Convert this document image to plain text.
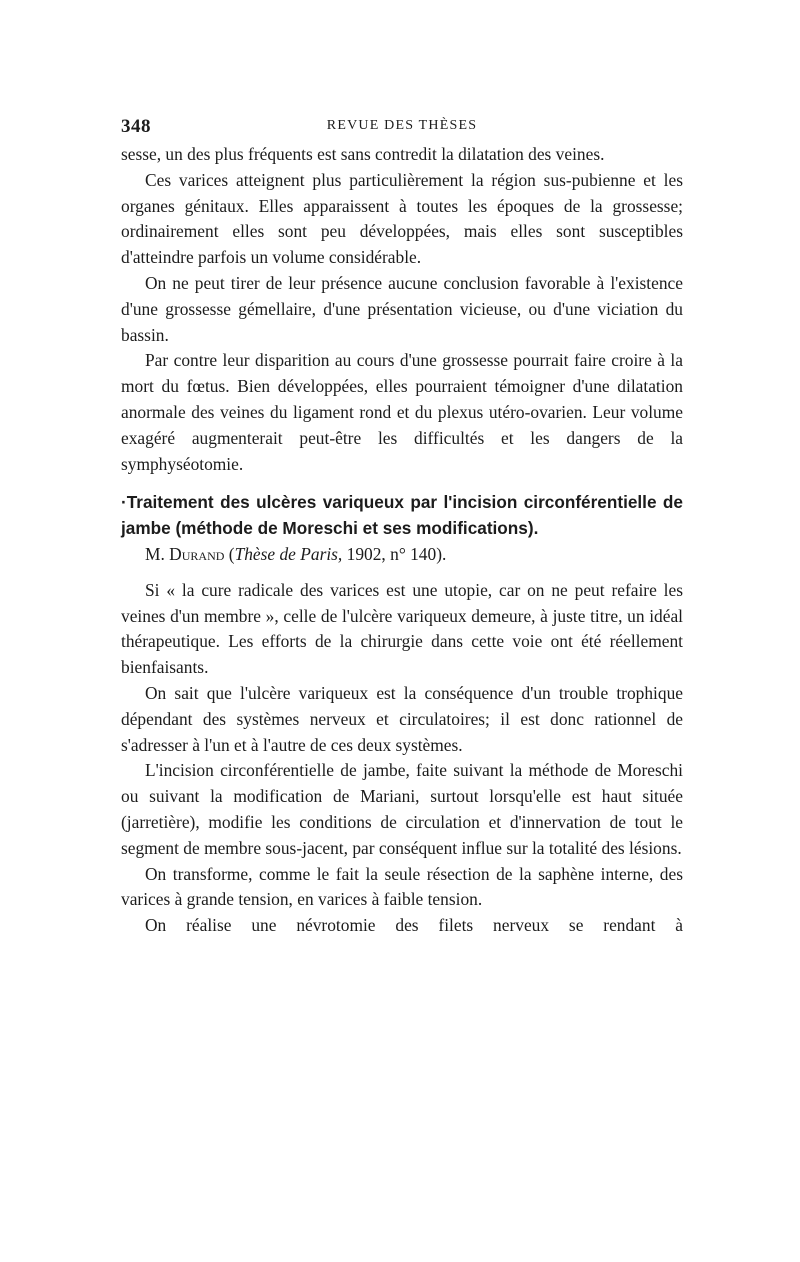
348	REVUE DES THÈSES

sesse, un des plus fréquents est sans contredit la dilatation des veines.

Ces varices atteignent plus particulièrement la région sus-pubienne et les organes génitaux. Elles apparaissent à toutes les époques de la grossesse; ordinairement elles sont peu développées, mais elles sont susceptibles d'atteindre parfois un volume considérable.

On ne peut tirer de leur présence aucune conclusion favorable à l'existence d'une grossesse gémellaire, d'une présentation vicieuse, ou d'une viciation du bassin.

Par contre leur disparition au cours d'une grossesse pourrait faire croire à la mort du fœtus. Bien développées, elles pourraient témoigner d'une dilatation anormale des veines du ligament rond et du plexus utéro-ovarien. Leur volume exagéré augmenterait peut-être les difficultés et les dangers de la symphyséotomie.

·Traitement des ulcères variqueux par l'incision circonférentielle de jambe (méthode de Moreschi et ses modifications).

M. Durand (Thèse de Paris, 1902, n° 140).

Si « la cure radicale des varices est une utopie, car on ne peut refaire les veines d'un membre », celle de l'ulcère variqueux demeure, à juste titre, un idéal thérapeutique. Les efforts de la chirurgie dans cette voie ont été réellement bienfaisants.

On sait que l'ulcère variqueux est la conséquence d'un trouble trophique dépendant des systèmes nerveux et circulatoires; il est donc rationnel de s'adresser à l'un et à l'autre de ces deux systèmes.

L'incision circonférentielle de jambe, faite suivant la méthode de Moreschi ou suivant la modification de Mariani, surtout lorsqu'elle est haut située (jarretière), modifie les conditions de circulation et d'innervation de tout le segment de membre sous-jacent, par conséquent influe sur la totalité des lésions.

On transforme, comme le fait la seule résection de la saphène interne, des varices à grande tension, en varices à faible tension.

On réalise une névrotomie des filets nerveux se rendant à
